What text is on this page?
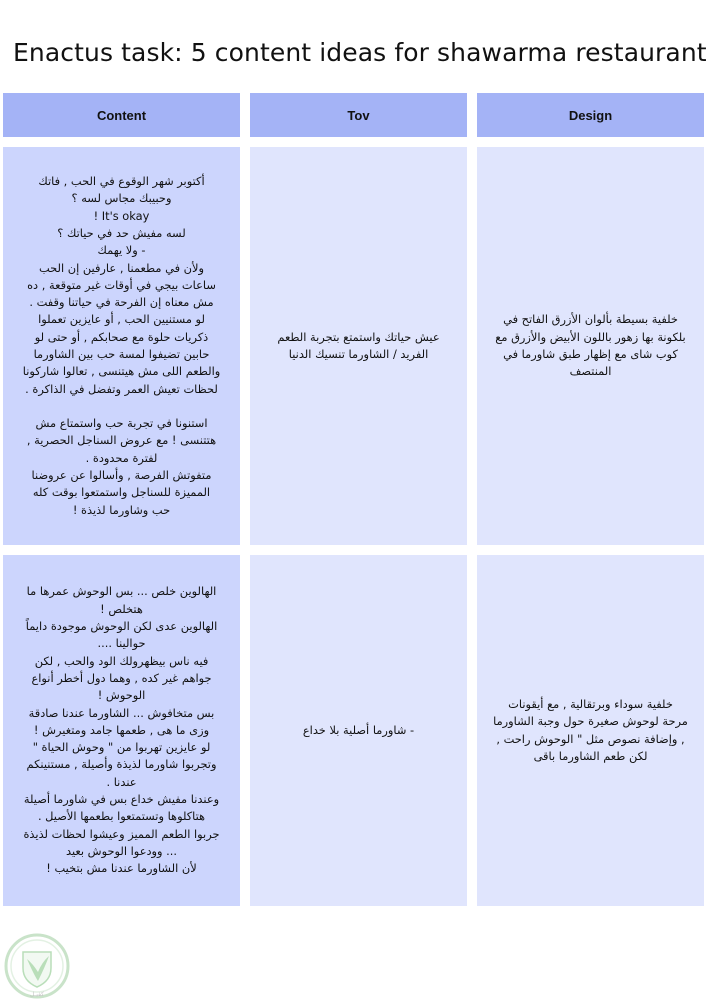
Enactus task: 5 content ideas for shawarma restaurant
Content	Tov	Design
أكتوبر شهر الوقوع في الحب , فاتك
وحبيبك مجاس لسه ؟
It's okay !
لسه مفيش حد في حياتك ؟
- ولا يهمك
ولأن في مطعمنا , عارفين إن الحب
ساعات بيجي في أوقات غير متوقعة , ده
مش معناه إن الفرحة في حياتنا وقفت .
لو مستنيين الحب , أو عايزين تعملوا
ذكريات حلوة مع صحابكم , أو حتى لو
حابين تضيفوا لمسة حب بين الشاورما
والطعم اللى مش هيتنسى , تعالوا شاركونا
لحظات تعيش العمر وتفضل في الذاكرة .

استنونا في تجربة حب واستمتاع مش
هتتنسى ! مع عروض السناجل الحصرية ,
لفترة محدودة .
متفوتش الفرصة , وأسالوا عن عروضنا
المميزة للسناجل واستمتعوا بوقت كله
حب وشاورما لذيذة !
عيش حياتك واستمتع بتجربة الطعم
الفريد / الشاورما تنسيك الدنيا
خلفية بسيطة بألوان الأزرق الفاتح في
بلكونة بها زهور باللون الأبيض والأزرق مع
كوب شاى مع إظهار طبق شاورما في
المنتصف
الهالوين خلص ... بس الوحوش عمرها ما
هتخلص !
الهالوين عدى لكن الوحوش موجودة دايماً
حوالينا ....
فيه ناس بيظهرولك الود والحب , لكن
جواهم غير كده , وهما دول أخطر أنواع
الوحوش !
بس متخافوش ... الشاورما عندنا صادقة
وزى ما هى , طعمها جامد ومتغيرش !
لو عايزين تهربوا من " وحوش الحياة "
وتجربوا شاورما لذيذة وأصيلة , مستنينكم
عندنا .
وعندنا مفيش خداع بس في شاورما أصيلة
هتاكلوها وتستمتعوا بطعمها الأصيل .
جربوا الطعم المميز وعيشوا لحظات لذيذة
... وودعوا الوحوش بعيد
لأن الشاورما عندنا مش بتخيب !
- شاورما أصلية بلا خداع
خلفية سوداء وبرتقالية , مع أيقونات
مرحة لوحوش صغيرة حول وجبة الشاورما
, وإضافة نصوص مثل " الوحوش راحت ,
لكن طعم الشاورما باقى
كفيـل
